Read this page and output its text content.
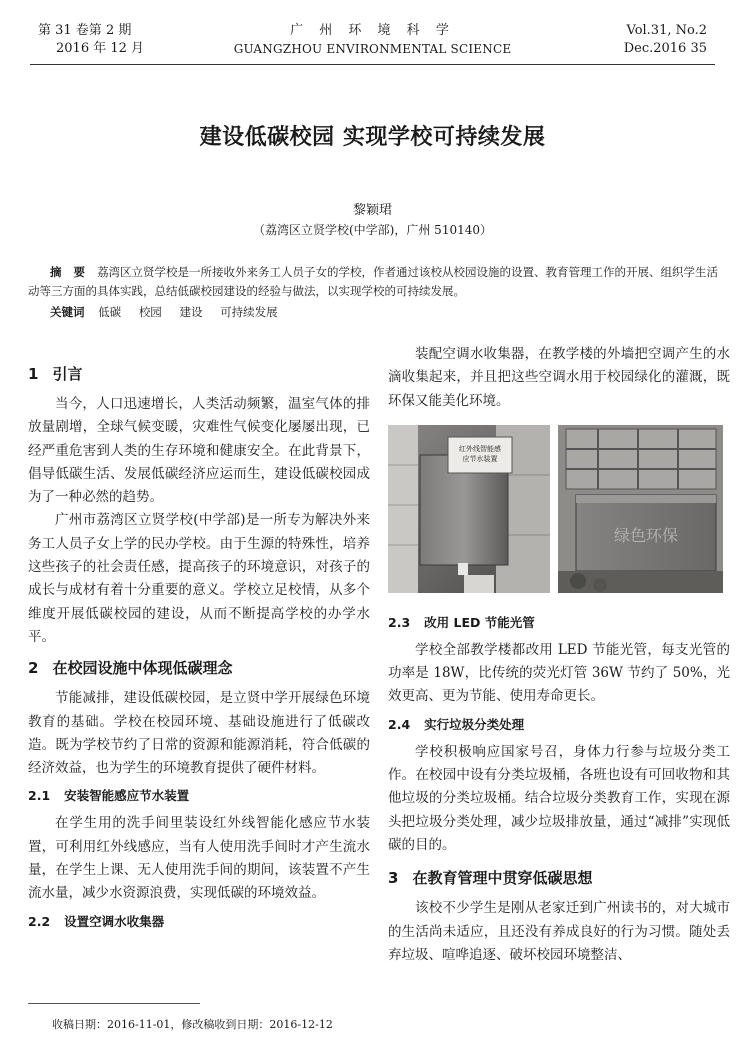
第 31 卷第 2 期
2016 年 12 月
广 州 环 境 科 学
GUANGZHOU ENVIRONMENTAL SCIENCE
Vol.31, No.2
Dec.2016 35
建设低碳校园 实现学校可持续发展
黎颖珺
（荔湾区立贤学校(中学部)，广州 510140）
摘 要 荔湾区立贤学校是一所接收外来务工人员子女的学校，作者通过该校从校园设施的设置、教育管理工作的开展、组织学生活动等三方面的具体实践，总结低碳校园建设的经验与做法，以实现学校的可持续发展。
关键词 低碳 校园 建设 可持续发展
1 引言

当今，人口迅速增长，人类活动频繁，温室气体的排放量剧增，全球气候变暖，灾难性气候变化屡屡出现，已经严重危害到人类的生存环境和健康安全。在此背景下，倡导低碳生活、发展低碳经济应运而生，建设低碳校园成为了一种必然的趋势。

广州市荔湾区立贤学校(中学部)是一所专为解决外来务工人员子女上学的民办学校。由于生源的特殊性，培养这些孩子的社会责任感，提高孩子的环境意识，对孩子的成长与成材有着十分重要的意义。学校立足校情，从多个维度开展低碳校园的建设，从而不断提高学校的办学水平。

2 在校园设施中体现低碳理念

节能减排，建设低碳校园，是立贤中学开展绿色环境教育的基础。学校在校园环境、基础设施进行了低碳改造。既为学校节约了日常的资源和能源消耗，符合低碳的经济效益，也为学生的环境教育提供了硬件材料。

2.1 安装智能感应节水装置

在学生用的洗手间里装设红外线智能化感应节水装置，可利用红外线感应，当有人使用洗手间时才产生流水量，在学生上课、无人使用洗手间的期间，该装置不产生流水量，减少水资源浪费，实现低碳的环境效益。

2.2 设置空调水收集器

装配空调水收集器，在教学楼的外墙把空调产生的水滴收集起来，并且把这些空调水用于校园绿化的灌溉，既环保又能美化环境。

红外线智能感
应节水装置
绿色环保
2.3 改用 LED 节能光管

学校全部教学楼都改用 LED 节能光管，每支光管的功率是 18W，比传统的荧光灯管 36W 节约了 50%，光效更高、更为节能、使用寿命更长。

2.4 实行垃圾分类处理

学校积极响应国家号召，身体力行参与垃圾分类工作。在校园中设有分类垃圾桶，各班也设有可回收物和其他垃圾的分类垃圾桶。结合垃圾分类教育工作，实现在源头把垃圾分类处理，减少垃圾排放量，通过“减排”实现低碳的目的。

3 在教育管理中贯穿低碳思想

该校不少学生是刚从老家迁到广州读书的，对大城市的生活尚未适应，且还没有养成良好的行为习惯。随处丢弃垃圾、喧哗追逐、破坏校园环境整洁、

收稿日期：2016-11-01，修改稿收到日期：2016-12-12
